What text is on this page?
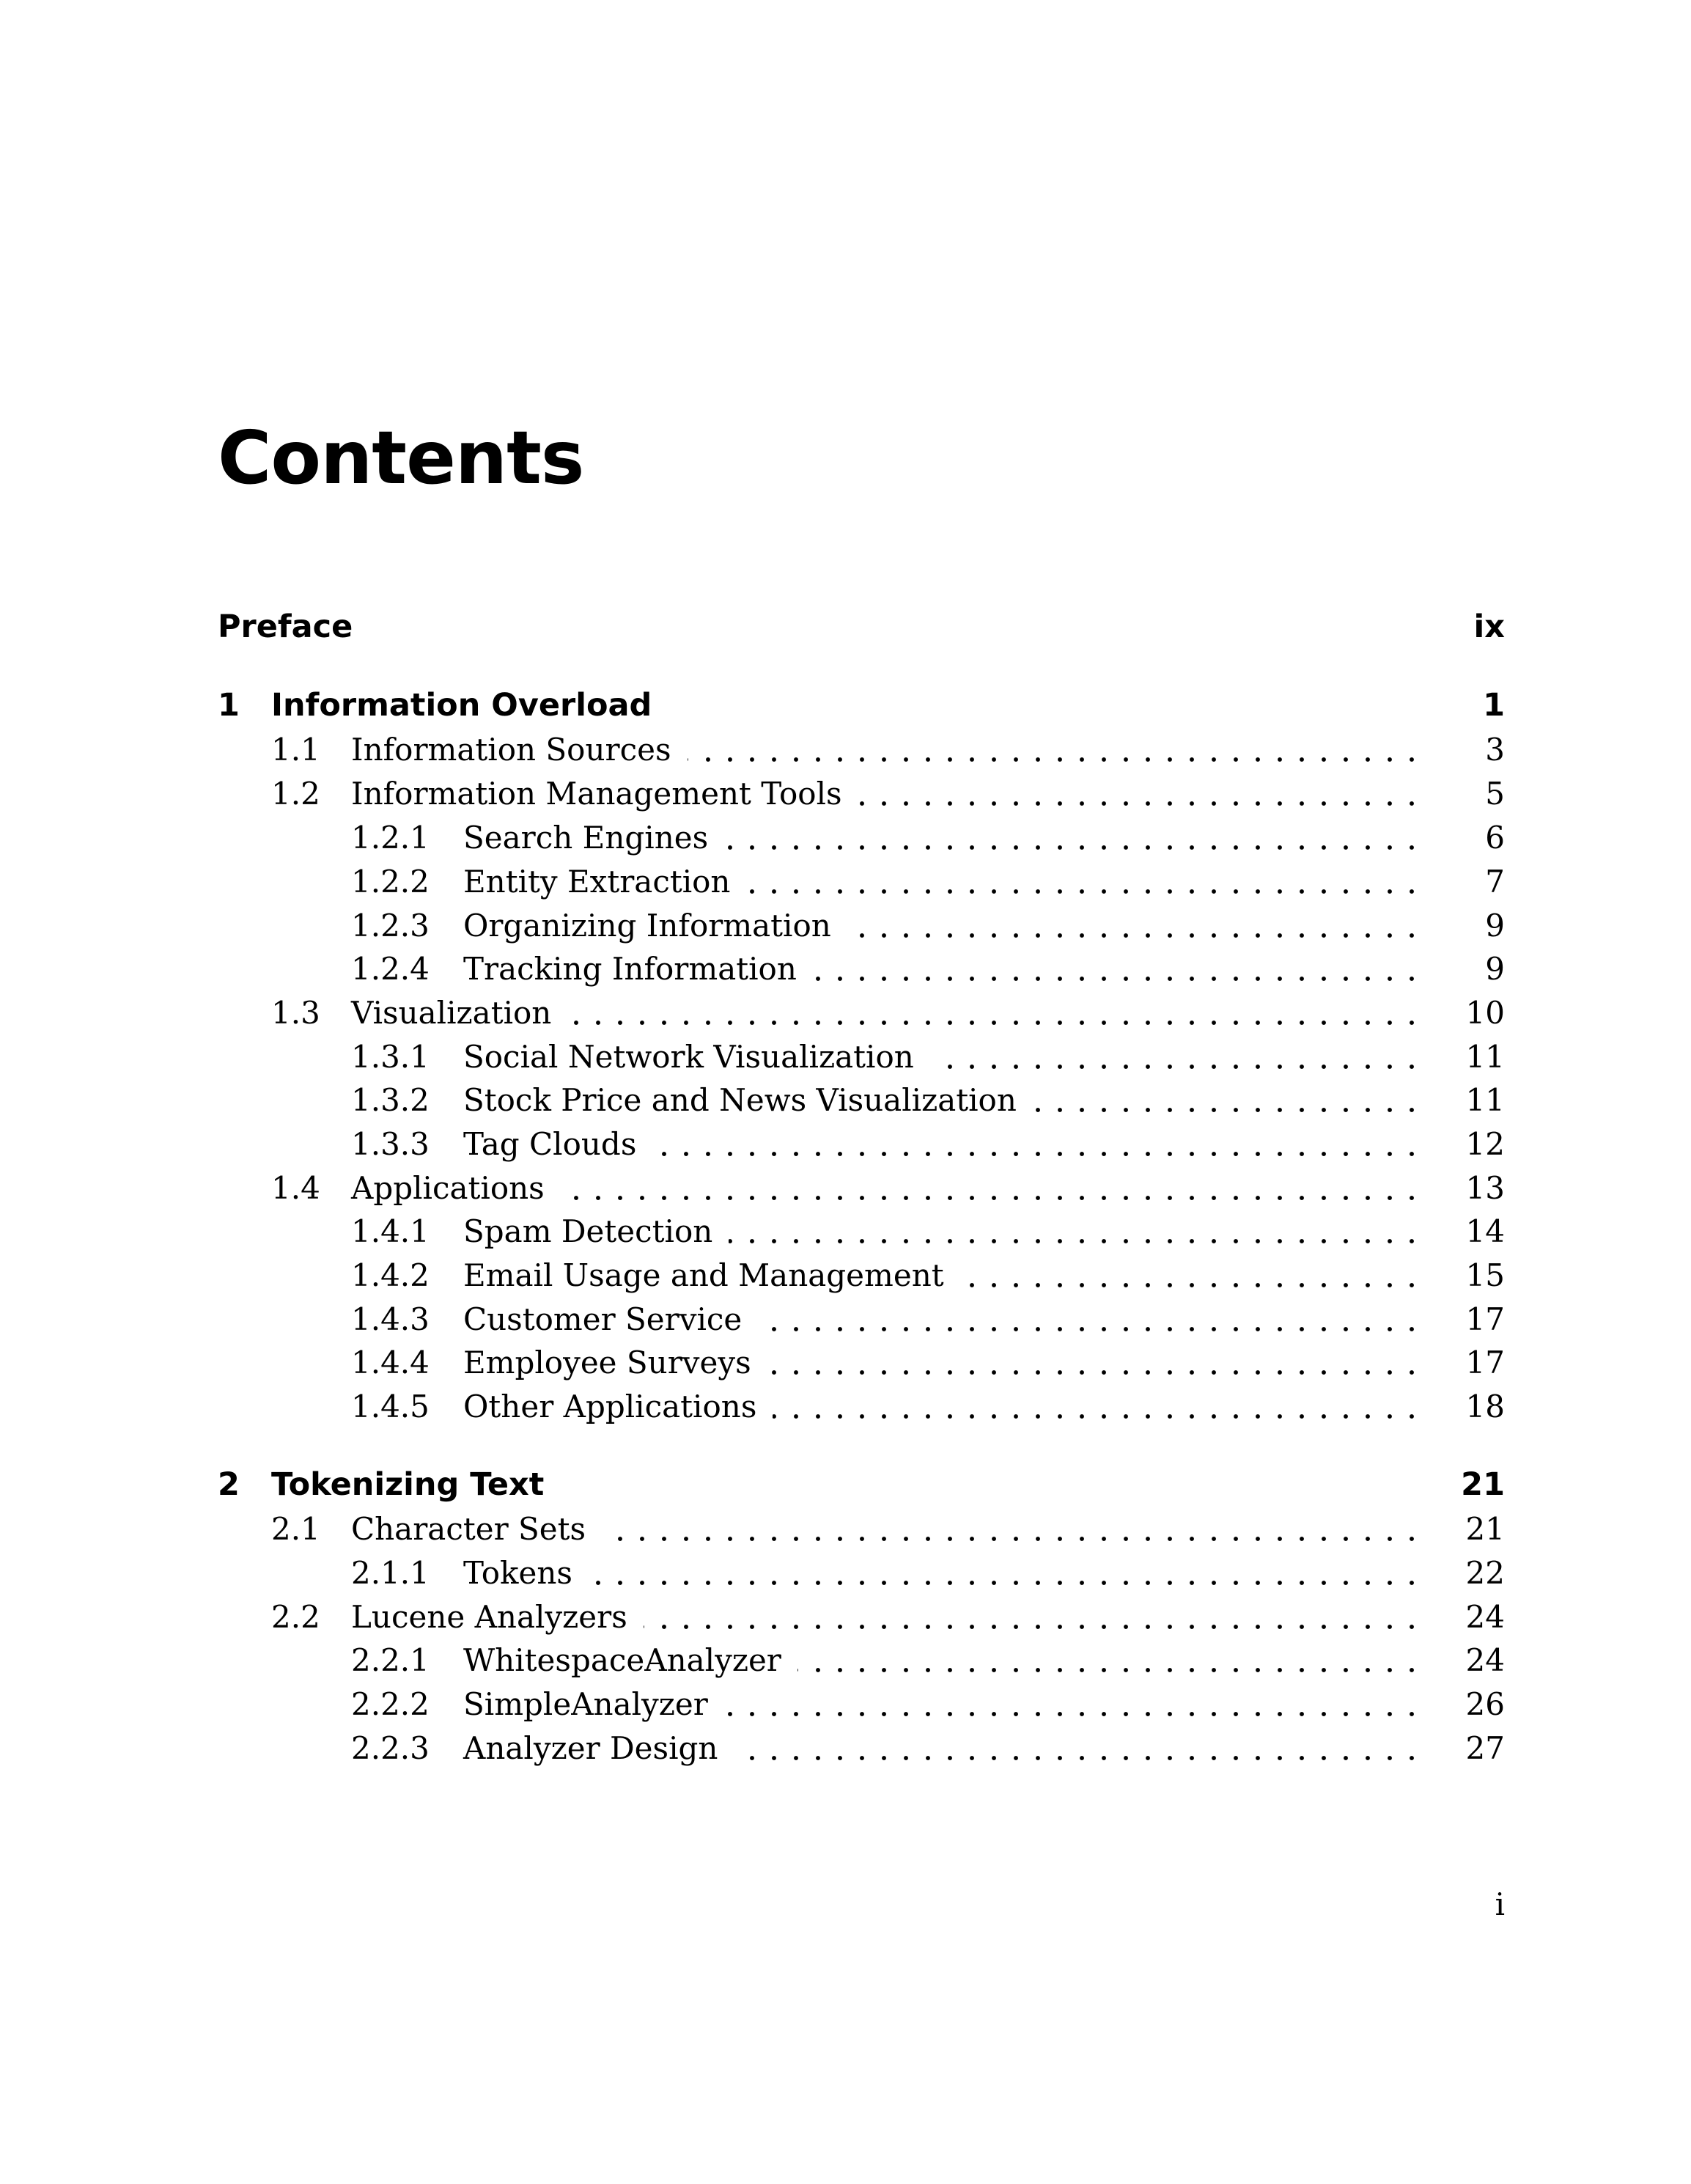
Contents
Preface	ix
1	Information Overload	1
1.1 Information Sources	3
1.2 Information Management Tools	5
1.2.1 Search Engines	6
1.2.2 Entity Extraction	7
1.2.3 Organizing Information	9
1.2.4 Tracking Information	9
1.3 Visualization	10
1.3.1 Social Network Visualization	11
1.3.2 Stock Price and News Visualization	11
1.3.3 Tag Clouds	12
1.4 Applications	13
1.4.1 Spam Detection	14
1.4.2 Email Usage and Management	15
1.4.3 Customer Service	17
1.4.4 Employee Surveys	17
1.4.5 Other Applications	18
2	Tokenizing Text	21
2.1 Character Sets	21
2.1.1 Tokens	22
2.2 Lucene Analyzers	24
2.2.1 WhitespaceAnalyzer	24
2.2.2 SimpleAnalyzer	26
2.2.3 Analyzer Design	27
i
